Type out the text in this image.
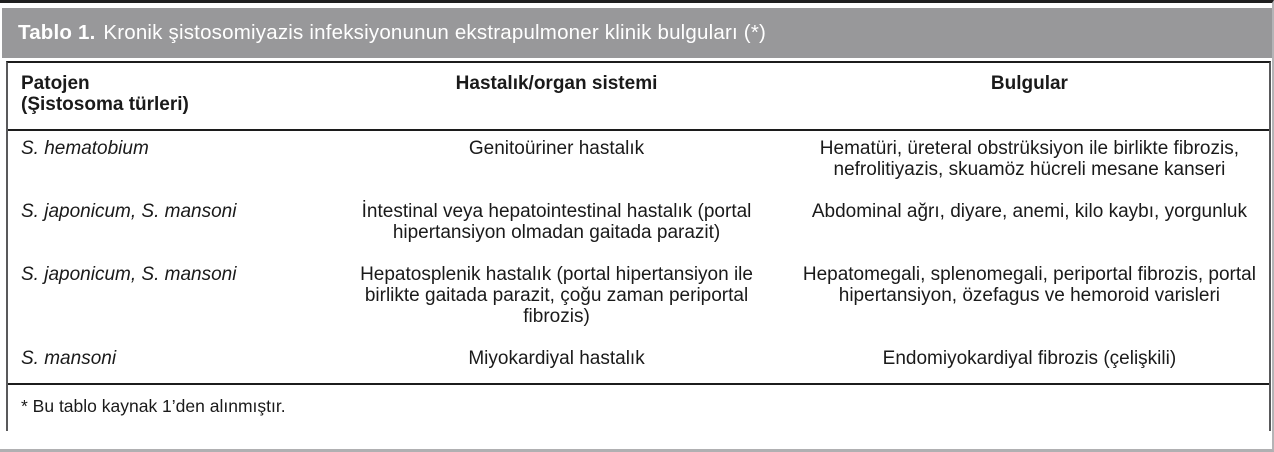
Tablo 1. Kronik şistosomiyazis infeksiyonunun ekstrapulmoner klinik bulguları (*)
Patojen
(Şistosoma türleri)	Hastalık/organ sistemi	Bulgular
S. hematobium	Genitoüriner hastalık	Hematüri, üreteral obstrüksiyon ile birlikte fibrozis, nefrolitiyazis, skuamöz hücreli mesane kanseri
S. japonicum, S. mansoni	İntestinal veya hepatointestinal hastalık (portal hipertansiyon olmadan gaitada parazit)	Abdominal ağrı, diyare, anemi, kilo kaybı, yorgunluk
S. japonicum, S. mansoni	Hepatosplenik hastalık (portal hipertansiyon ile birlikte gaitada parazit, çoğu zaman periportal fibrozis)	Hepatomegali, splenomegali, periportal fibrozis, portal hipertansiyon, özefagus ve hemoroid varisleri
S. mansoni	Miyokardiyal hastalık	Endomiyokardiyal fibrozis (çelişkili)
* Bu tablo kaynak 1’den alınmıştır.
